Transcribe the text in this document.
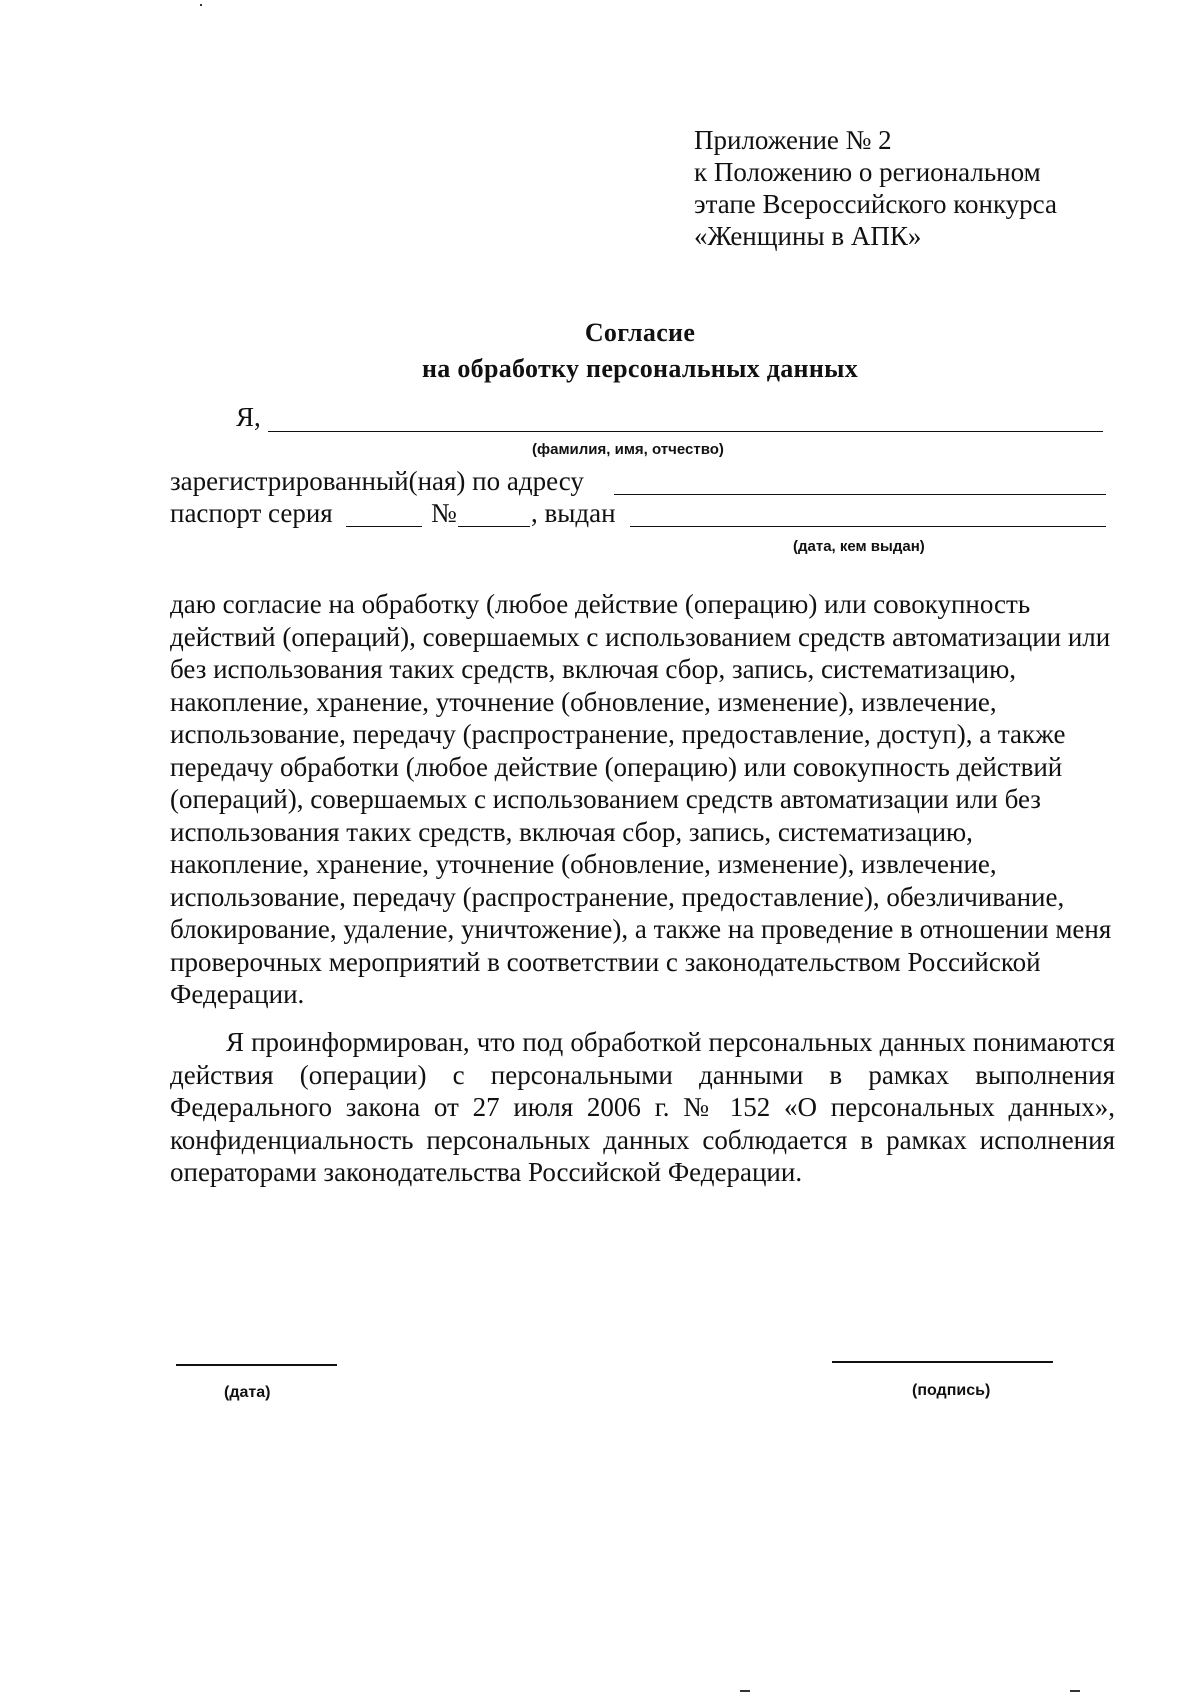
Приложение № 2
к Положению о региональном
этапе Всероссийского конкурса
«Женщины в АПК»
Согласие
на обработку персональных данных
Я,
(фамилия, имя, отчество)
зарегистрированный(ная) по адресу
паспорт серия	№	, выдан
(дата, кем выдан)
даю согласие на обработку (любое действие (операцию) или совокупность действий (операций), совершаемых с использованием средств автоматизации или без использования таких средств, включая сбор, запись, систематизацию, накопление, хранение, уточнение (обновление, изменение), извлечение, использование, передачу (распространение, предоставление, доступ), а также передачу обработки (любое действие (операцию) или совокупность действий (операций), совершаемых с использованием средств автоматизации или без использования таких средств, включая сбор, запись, систематизацию, накопление, хранение, уточнение (обновление, изменение), извлечение, использование, передачу (распространение, предоставление), обезличивание, блокирование, удаление, уничтожение), а также на проведение в отношении меня проверочных мероприятий в соответствии с законодательством Российской Федерации.
Я проинформирован, что под обработкой персональных данных понимаются действия (операции) с персональными данными в рамках выполнения Федерального закона от 27 июля 2006 г. № 152 «О персональных данных», конфиденциальность персональных данных соблюдается в рамках исполнения операторами законодательства Российской Федерации.
(дата)	(подпись)
